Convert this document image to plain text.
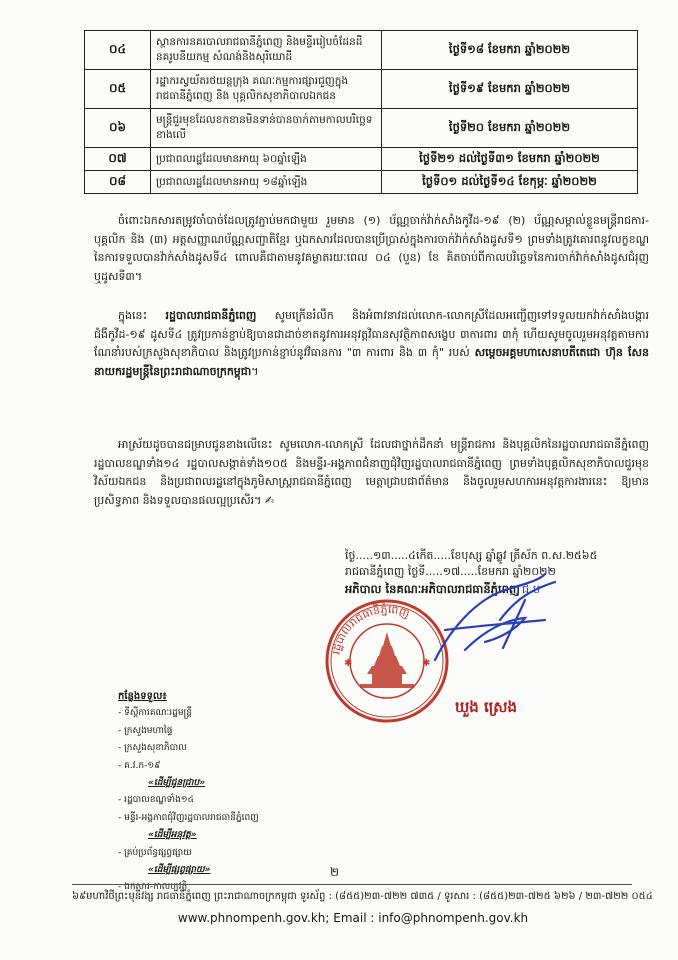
០៤	ស្ថានការនគរបាលរាជធានីភ្នំពេញ និងមន្ទីររៀបចំដែនដី នគរូបនីយកម្ម សំណង់និងសុរិយោដី	ថ្ងៃទី១៨ ខែមករា ឆ្នាំ២០២២
០៥	រដ្ឋាករស្វយ័តរថយន្តក្រុង គណៈកម្មការផ្សារជួញក្នុងរាជធានីភ្នំពេញ និង បុគ្គលិកសុខាភិបាលឯកជន	ថ្ងៃទី១៩ ខែមករា ឆ្នាំ២០២២
០៦	មន្ត្រីជួរមុខដែលខកខានមិនទាន់បានចាក់តាមកាលបរិច្ឆេទខាងលើ	ថ្ងៃទី២០ ខែមករា ឆ្នាំ២០២២
០៧	ប្រជាពលរដ្ឋដែលមានអាយុ ៦០ឆ្នាំឡើង	ថ្ងៃទី២១ ដល់ថ្ងៃទី៣១ ខែមករា ឆ្នាំ២០២២
០៨	ប្រជាពលរដ្ឋដែលមានអាយុ ១៨ឆ្នាំឡើង	ថ្ងៃទី០១ ដល់ថ្ងៃទី១៤ ខែកុម្ភៈ ឆ្នាំ២០២២
ចំពោះឯកសារតម្រូវចាំបាច់ដែលត្រូវភ្ជាប់មកជាមួយ រួមមាន (១) ប័ណ្ណចាក់វ៉ាក់សាំងកូវីដ-១៩ (២) ប័ណ្ណសម្គាល់ខ្លួនមន្ត្រីរាជការ-បុគ្គលិក និង (៣) អត្តសញ្ញាណប័ណ្ណសញ្ជាតិខ្មែរ ឬឯកសារដែលបានប្រើប្រាស់ក្នុងការចាក់វ៉ាក់សាំងដូសទី១ ព្រមទាំងត្រូវគោរពនូវលក្ខខណ្ឌនៃការទទួលបានវ៉ាក់សាំងដូសទី៤ ពោលគឺជាតាមនូវគម្លាតរយៈពេល ០៤ (បួន) ខែ គិតចាប់ពីកាលបរិច្ឆេទនៃការចាក់វ៉ាក់សាំងដូសជំរុញ ឬដូសទី៣។
ក្នុងនេះ រដ្ឋបាលរាជធានីភ្នំពេញ សូមក្រើនរំលឹក និងអំពាវនាវដល់លោក-លោកស្រីដែលអញ្ជើញទៅទទួលយកវ៉ាក់សាំងបង្ការជំងឺកូវីដ-១៩ ដូសទី៤ ត្រូវប្រកាន់ខ្ជាប់ឱ្យបានជាដាច់ខាតនូវការអនុវត្តវិធានសុវត្ថិភាពសង្ខេប ៣ការពារ ៣កុំ ហើយសូមចូលរួមអនុវត្តតាមការណែនាំរបស់ក្រសួងសុខាភិបាល និងត្រូវប្រកាន់ខ្ជាប់នូវវិធានការ "៣ ការពារ និង ៣ កុំ" របស់ សម្តេចអគ្គមហាសេនាបតីតេជោ ហ៊ុន សែន នាយករដ្ឋមន្ត្រីនៃព្រះរាជាណាចក្រកម្ពុជា។
អាស្រ័យដូចបានជម្រាបជូនខាងលើនេះ សូមលោក-លោកស្រី ដែលជាថ្នាក់ដឹកនាំ មន្ត្រីរាជការ និងបុគ្គលិកនៃរដ្ឋបាលរាជធានីភ្នំពេញ រដ្ឋបាលខណ្ឌទាំង១៤ រដ្ឋបាលសង្កាត់ទាំង១០៥ និងមន្ទីរ-អង្គភាពជំនាញជុំវិញរដ្ឋបាលរាជធានីភ្នំពេញ ព្រមទាំងបុគ្គលិកសុខាភិបាលជួរមុខវិស័យឯកជន និងប្រជាពលរដ្ឋនៅក្នុងភូមិសាស្ត្ររាជធានីភ្នំពេញ មេត្តាជ្រាបជាព័ត៌មាន និងចូលរួមសហការអនុវត្តការងារនេះ ឱ្យមានប្រសិទ្ធភាព និងទទួលបានផលល្អប្រសើរ។ ✍
ថ្ងៃ.....១៣.....៤កើត.....ខែបុស្ស ឆ្នាំឆ្លូវ ត្រីស័ក ព.ស.២៥៦៥
រាជធានីភ្នំពេញ ថ្ងៃទី.....១៧.....ខែមករា ឆ្នាំ២០២២
អភិបាល នៃគណៈអភិបាលរាជធានីភ្នំពេញ ជ.ប
រដ្ឋបាលរាជធានីភ្នំពេញ
✱	✱
ឃួង ស្រេង
កន្លែងទទួល៖
- ទីស្តីការគណៈរដ្ឋមន្ត្រី
- ក្រសួងមហាផ្ទៃ
- ក្រសួងសុខាភិបាល
- គ.វ.ក-១៩
«ដើម្បីជូនជ្រាប»
- រដ្ឋបាលខណ្ឌទាំង១៤
- មន្ទីរ-អង្គភាពជុំវិញរដ្ឋបាលរាជធានីភ្នំពេញ
«ដើម្បីអនុវត្ត»
- គ្រប់ប្រព័ន្ធផ្សព្វផ្សាយ
«ដើម្បីផ្សព្វផ្សាយ»
- ឯកសារ-កាលប្បវត្តិ
២
៦៩មហាវិថីព្រះមុនីវង្ស រាជធានីភ្នំពេញ ព្រះរាជាណាចក្រកម្ពុជា ទូរស័ព្ទ : (៨៥៥)២៣-៧២២ ៧៣៥ / ទូរសារ : (៨៥៥)២៣-៧២៥ ៦២៦ / ២៣-៧២២ ០៥៤
www.phnompenh.gov.kh; Email : info@phnompenh.gov.kh
